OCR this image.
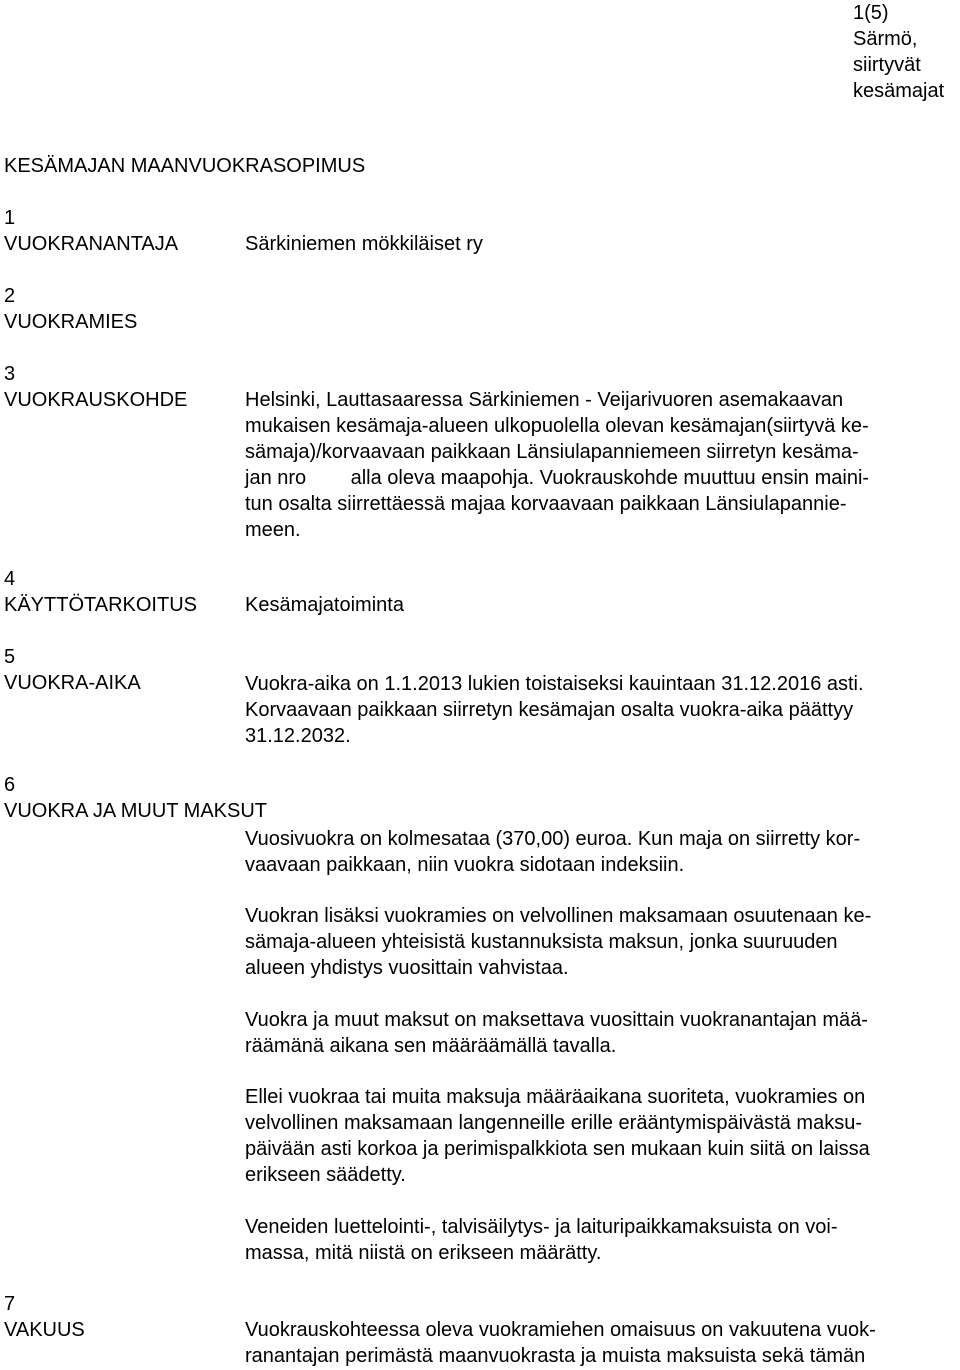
1(5)
Särmö,
siirtyvät
kesämajat
KESÄMAJAN MAANVUOKRASOPIMUS
1
VUOKRANANTAJA	Särkiniemen mökkiläiset ry
2
VUOKRAMIES
3
VUOKRAUSKOHDE	Helsinki, Lauttasaaressa Särkiniemen - Veijarivuoren asemakaavan
mukaisen kesämaja-alueen ulkopuolella olevan kesämajan(siirtyvä ke-
sämaja)/korvaavaan paikkaan Länsiulapanniemeen siirretyn kesäma-
jan nro        alla oleva maapohja. Vuokrauskohde muuttuu ensin maini-
tun osalta siirrettäessä majaa korvaavaan paikkaan Länsiulapannie-
meen.
4
KÄYTTÖTARKOITUS Kesämajatoiminta
5
VUOKRA-AIKA	Vuokra-aika on 1.1.2013 lukien toistaiseksi kauintaan 31.12.2016 asti.
Korvaavaan paikkaan siirretyn kesämajan osalta vuokra-aika päättyy
31.12.2032.
6
VUOKRA JA MUUT MAKSUT
Vuosivuokra on kolmesataa (370,00) euroa. Kun maja on siirretty kor-
vaavaan paikkaan, niin vuokra sidotaan indeksiin.
Vuokran lisäksi vuokramies on velvollinen maksamaan osuutenaan ke-
sämaja-alueen yhteisistä kustannuksista maksun, jonka suuruuden
alueen yhdistys vuosittain vahvistaa.
Vuokra ja muut maksut on maksettava vuosittain vuokranantajan mää-
räämänä aikana sen määräämällä tavalla.
Ellei vuokraa tai muita maksuja määräaikana suoriteta, vuokramies on
velvollinen maksamaan langenneille erille erääntymispäivästä maksu-
päivään asti korkoa ja perimispalkkiota sen mukaan kuin siitä on laissa
erikseen säädetty.
Veneiden luettelointi-, talvisäilytys- ja laituripaikkamaksuista on voi-
massa, mitä niistä on erikseen määrätty.
7
VAKUUS	Vuokrauskohteessa oleva vuokramiehen omaisuus on vakuutena vuok-
ranantajan perimästä maanvuokrasta ja muista maksuista sekä tämän
